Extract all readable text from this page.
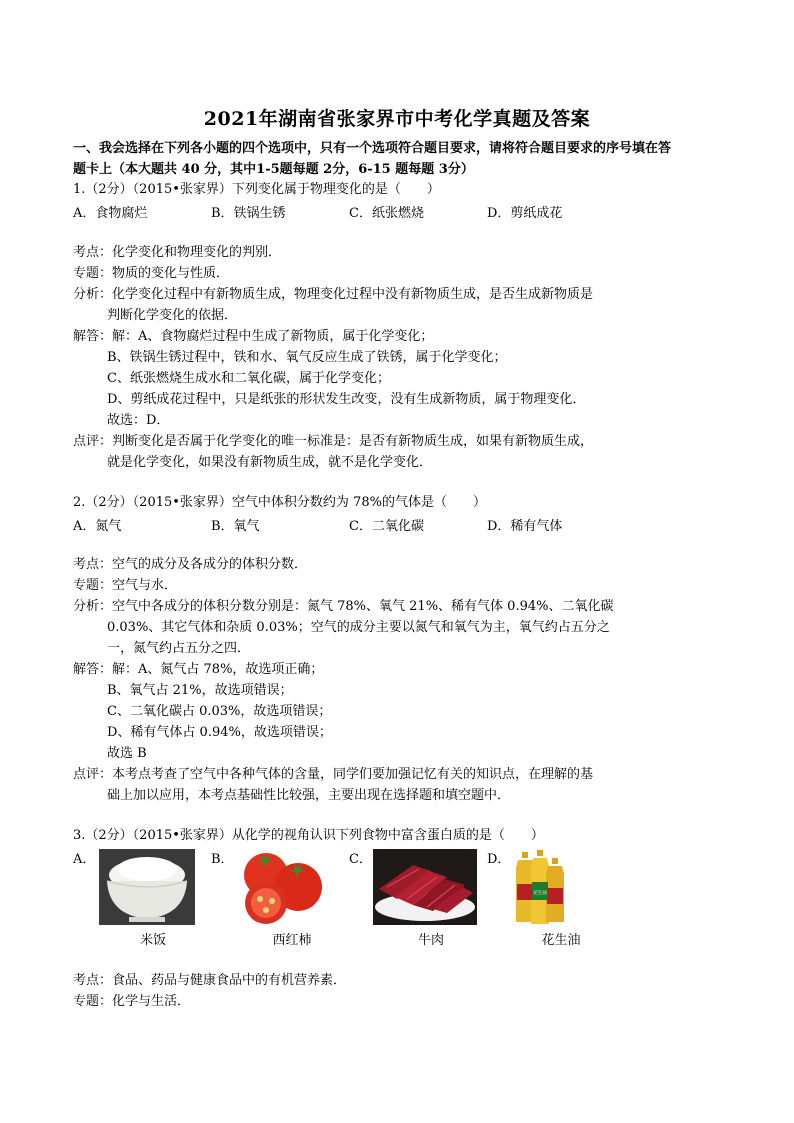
2021年湖南省张家界市中考化学真题及答案
一、我会选择在下列各小题的四个选项中，只有一个选项符合题目要求，请将符合题目要求的序号填在答
题卡上（本大题共 40 分，其中1-5题每题 2分，6-15 题每题 3分）
1.（2分）（2015•张家界）下列变化属于物理变化的是（　　）
A．食物腐烂	B．铁锅生锈	C．纸张燃烧	D．剪纸成花
考点：化学变化和物理变化的判别．
专题：物质的变化与性质．
分析：化学变化过程中有新物质生成，物理变化过程中没有新物质生成，是否生成新物质是
判断化学变化的依据．
解答：解：A、食物腐烂过程中生成了新物质，属于化学变化；
B、铁锅生锈过程中，铁和水、氧气反应生成了铁锈，属于化学变化；
C、纸张燃烧生成水和二氧化碳，属于化学变化；
D、剪纸成花过程中，只是纸张的形状发生改变，没有生成新物质，属于物理变化．
故选：D．
点评：判断变化是否属于化学变化的唯一标准是：是否有新物质生成，如果有新物质生成，
就是化学变化，如果没有新物质生成，就不是化学变化．
2.（2分）（2015•张家界）空气中体积分数约为 78%的气体是（　　）
A．氮气	B．氧气	C．二氧化碳	D．稀有气体
考点：空气的成分及各成分的体积分数．
专题：空气与水．
分析：空气中各成分的体积分数分别是：氮气 78%、氧气 21%、稀有气体 0.94%、二氧化碳
0.03%、其它气体和杂质 0.03%；空气的成分主要以氮气和氧气为主，氧气约占五分之
一，氮气约占五分之四．
解答：解：A、氮气占 78%，故选项正确；
B、氧气占 21%，故选项错误；
C、二氧化碳占 0.03%，故选项错误；
D、稀有气体占 0.94%，故选项错误；
故选 B
点评：本考点考查了空气中各种气体的含量，同学们要加强记忆有关的知识点，在理解的基
础上加以应用，本考点基础性比较强，主要出现在选择题和填空题中．
3.（2分）（2015•张家界）从化学的视角认识下列食物中富含蛋白质的是（　　）
A．	B．	C．	D．
花生油
米饭	西红柿	牛肉	花生油
考点：食品、药品与健康食品中的有机营养素．
专题：化学与生活．
